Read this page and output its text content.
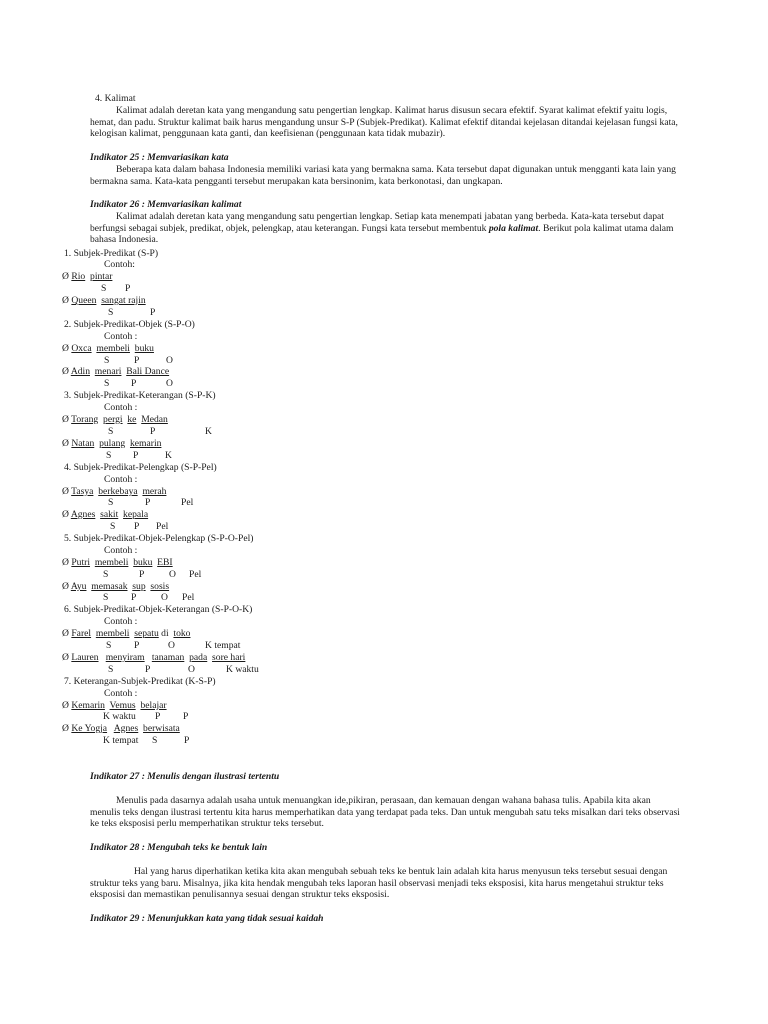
4. Kalimat
Kalimat adalah deretan kata yang mengandung satu pengertian lengkap. Kalimat harus disusun secara efektif. Syarat kalimat efektif yaitu logis, hemat, dan padu. Struktur kalimat baik harus mengandung unsur S-P (Subjek-Predikat). Kalimat efektif ditandai kejelasan ditandai kejelasan fungsi kata, kelogisan kalimat, penggunaan kata ganti, dan keefisienan (penggunaan kata tidak mubazir).
Indikator 25 : Memvariasikan kata
Beberapa kata dalam bahasa Indonesia memiliki variasi kata yang bermakna sama. Kata tersebut dapat digunakan untuk mengganti kata lain yang bermakna sama. Kata-kata pengganti tersebut merupakan kata bersinonim, kata berkonotasi, dan ungkapan.
Indikator 26 : Memvariasikan kalimat
Kalimat adalah deretan kata yang mengandung satu pengertian lengkap. Setiap kata menempati jabatan yang berbeda. Kata-kata tersebut dapat berfungsi sebagai subjek, predikat, objek, pelengkap, atau keterangan. Fungsi kata tersebut membentuk pola kalimat. Berikut pola kalimat utama dalam bahasa Indonesia.
1. Subjek-Predikat (S-P)
Contoh:
Ø Rio pintar
S P
Ø Queen sangat rajin
S	P
2. Subjek-Predikat-Objek (S-P-O)
Contoh :
Ø Oxca membeli buku
S	P	O
Ø Adin menari Bali Dance
S P	O
3. Subjek-Predikat-Keterangan (S-P-K)
Contoh :
Ø Torang pergi ke Medan
K
S	P
Ø Natan pulang kemarin
S P	K
4. Subjek-Predikat-Pelengkap (S-P-Pel)
Contoh :
Ø Tasya berkebaya merah
S	P	Pel
Ø Agnes sakit kepala
S P Pel
5. Subjek-Predikat-Objek-Pelengkap (S-P-O-Pel)
Contoh :
Ø Putri membeli buku EBI
S	P	O Pel
Ø Ayu memasak sup sosis
S P	O Pel
6. Subjek-Predikat-Objek-Keterangan (S-P-O-K)
Contoh :
Ø Farel membeli sepatu di toko
S P	O	K tempat
Ø Lauren menyiram tanaman pada sore hari
S	P	O	K waktu
7. Keterangan-Subjek-Predikat (K-S-P)
Contoh :
Ø Kemarin Vemus belajar
K waktu P P
Ø Ke Yogja Agnes berwisata
K tempat S	P
Indikator 27 : Menulis dengan ilustrasi tertentu
Menulis pada dasarnya adalah usaha untuk menuangkan ide,pikiran, perasaan, dan kemauan dengan wahana bahasa tulis. Apabila kita akan menulis teks dengan ilustrasi tertentu kita harus memperhatikan data yang terdapat pada teks. Dan untuk mengubah satu teks misalkan dari teks observasi ke teks eksposisi perlu memperhatikan struktur teks tersebut.
Indikator 28 : Mengubah teks ke bentuk lain
Hal yang harus diperhatikan ketika kita akan mengubah sebuah teks ke bentuk lain adalah kita harus menyusun teks tersebut sesuai dengan struktur teks yang baru. Misalnya, jika kita hendak mengubah teks laporan hasil observasi menjadi teks eksposisi, kita harus mengetahui struktur teks eksposisi dan memastikan penulisannya sesuai dengan struktur teks eksposisi.
Indikator 29 : Menunjukkan kata yang tidak sesuai kaidah
